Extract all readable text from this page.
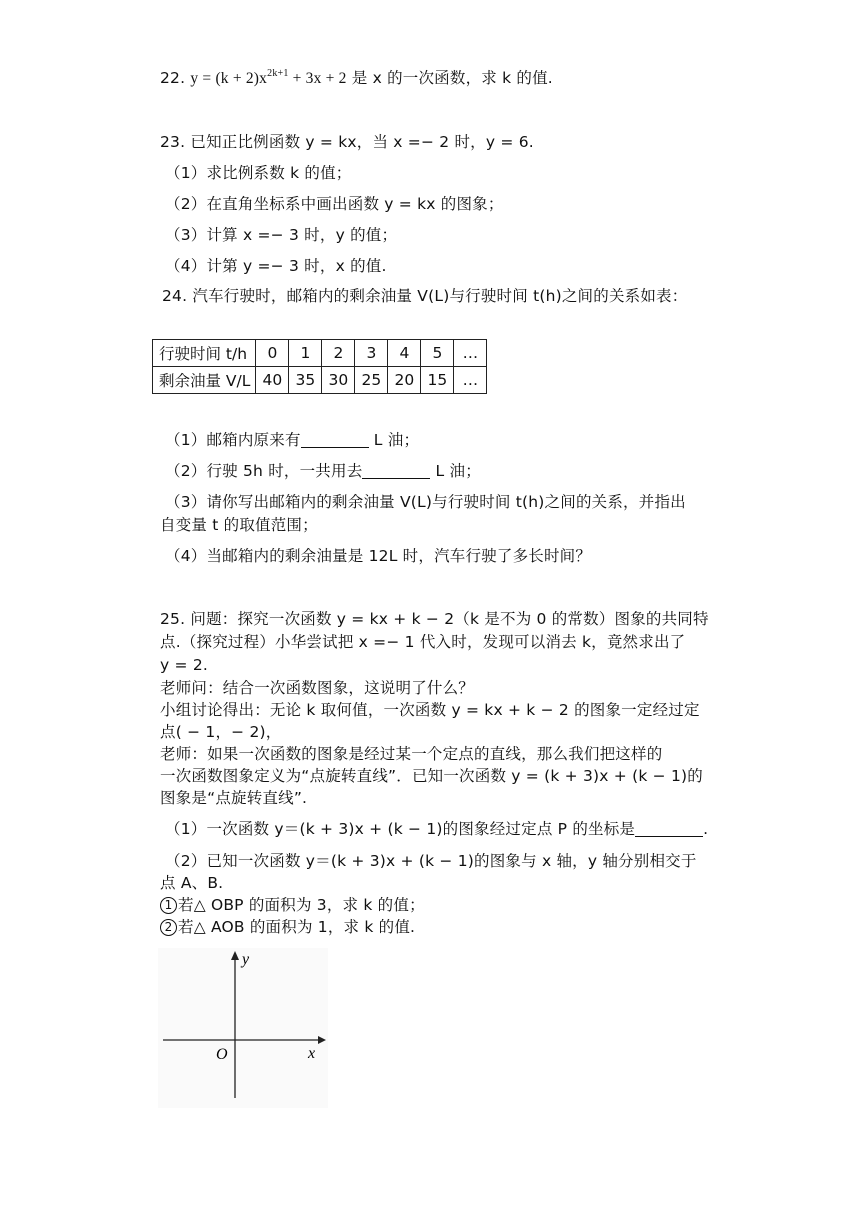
22. $y = (k + 2)x^{2k+1} + 3x + 2$ 是 x 的一次函数，求 k 的值.
23. 已知正比例函数 y = kx，当 x =− 2 时，y = 6.
（1）求比例系数 k 的值；
（2）在直角坐标系中画出函数 y = kx 的图象；
（3）计算 x =− 3 时，y 的值；
（4）计第 y =− 3 时，x 的值.
24. 汽车行驶时，邮箱内的剩余油量 V(L)与行驶时间 t(h)之间的关系如表：
行驶时间 t/h	0	1	2	3	4	5	…
剩余油量 V/L	40	35	30	25	20	15	…
（1）邮箱内原来有	L 油；
（2）行驶 5h 时，一共用去	L 油；
（3）请你写出邮箱内的剩余油量 V(L)与行驶时间 t(h)之间的关系，并指出
自变量 t 的取值范围；
（4）当邮箱内的剩余油量是 12L 时，汽车行驶了多长时间？
25. 问题：探究一次函数 y = kx + k − 2（k 是不为 0 的常数）图象的共同特
点.（探究过程）小华尝试把 x =− 1 代入时，发现可以消去 k，竟然求出了
y = 2.
老师问：结合一次函数图象，这说明了什么？
小组讨论得出：无论 k 取何值，一次函数 y = kx + k − 2 的图象一定经过定
点( − 1，− 2)，
老师：如果一次函数的图象是经过某一个定点的直线，那么我们把这样的
一次函数图象定义为“点旋转直线”．已知一次函数 y = (k + 3)x + (k − 1)的
图象是“点旋转直线”.
（1）一次函数 y＝(k + 3)x + (k − 1)的图象经过定点 P 的坐标是	.
（2）已知一次函数 y＝(k + 3)x + (k − 1)的图象与 x 轴，y 轴分别相交于
点 A、B.
1 若△ OBP 的面积为 3，求 k 的值；
2 若△ AOB 的面积为 1，求 k 的值.
y
x
O
